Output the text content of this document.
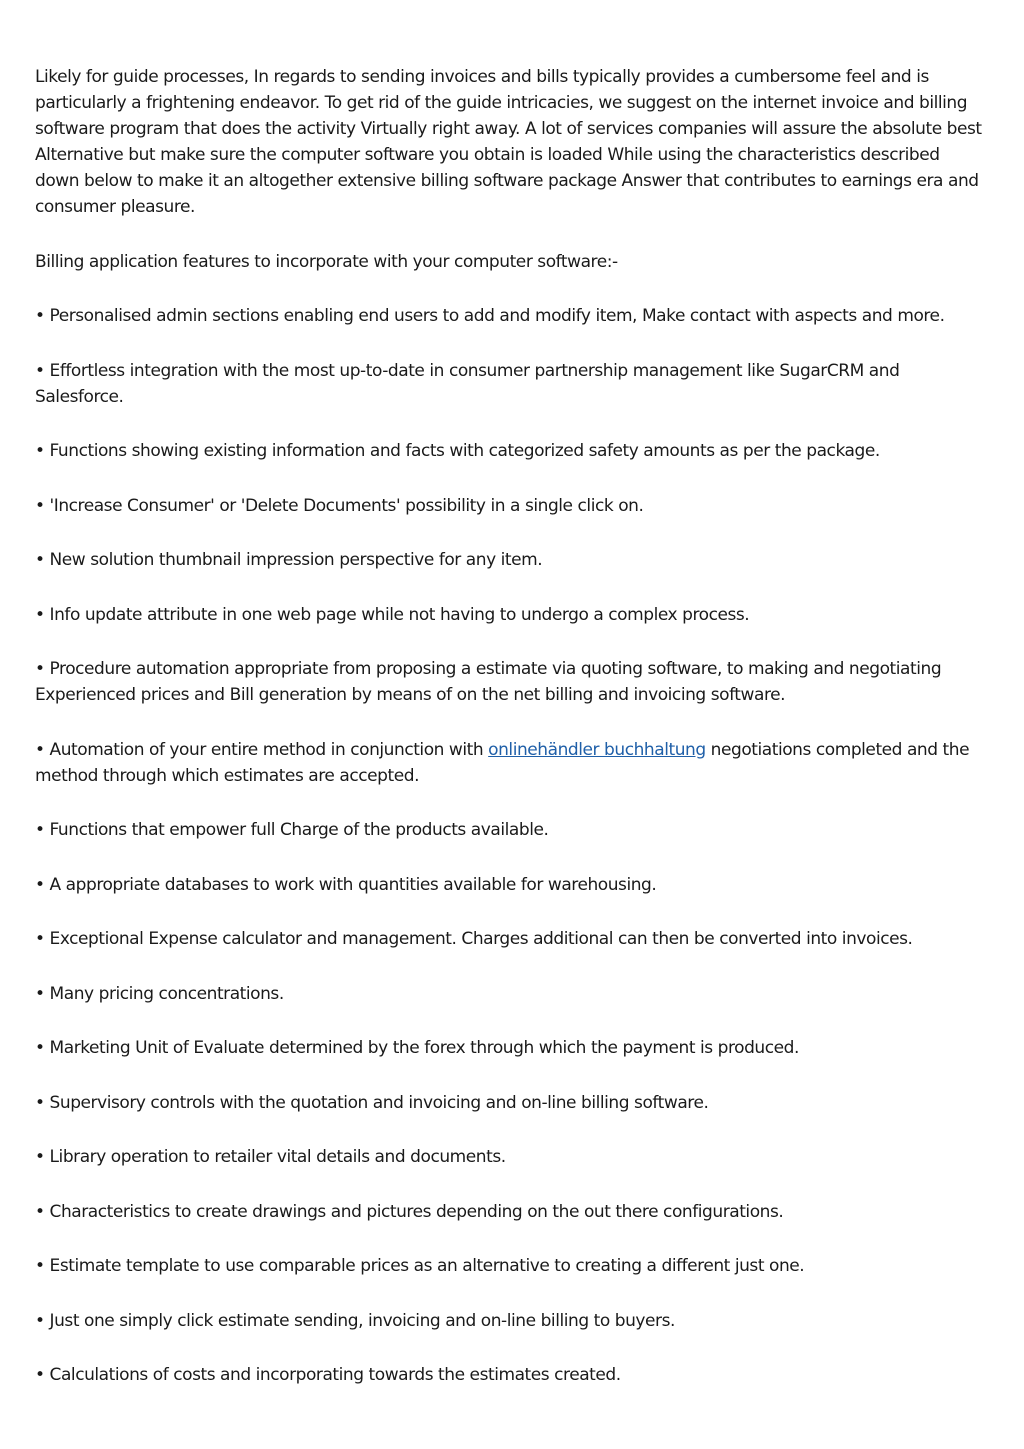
Likely for guide processes, In regards to sending invoices and bills typically provides a cumbersome feel and is particularly a frightening endeavor. To get rid of the guide intricacies, we suggest on the internet invoice and billing software program that does the activity Virtually right away. A lot of services companies will assure the absolute best Alternative but make sure the computer software you obtain is loaded While using the characteristics described down below to make it an altogether extensive billing software package Answer that contributes to earnings era and consumer pleasure.

Billing application features to incorporate with your computer software:-

• Personalised admin sections enabling end users to add and modify item, Make contact with aspects and more.

• Effortless integration with the most up-to-date in consumer partnership management like SugarCRM and Salesforce.

• Functions showing existing information and facts with categorized safety amounts as per the package.

• 'Increase Consumer' or 'Delete Documents' possibility in a single click on.

• New solution thumbnail impression perspective for any item.

• Info update attribute in one web page while not having to undergo a complex process.

• Procedure automation appropriate from proposing a estimate via quoting software, to making and negotiating Experienced prices and Bill generation by means of on the net billing and invoicing software.

• Automation of your entire method in conjunction with onlinehändler buchhaltung negotiations completed and the method through which estimates are accepted.

• Functions that empower full Charge of the products available.

• A appropriate databases to work with quantities available for warehousing.

• Exceptional Expense calculator and management. Charges additional can then be converted into invoices.

• Many pricing concentrations.

• Marketing Unit of Evaluate determined by the forex through which the payment is produced.

• Supervisory controls with the quotation and invoicing and on-line billing software.

• Library operation to retailer vital details and documents.

• Characteristics to create drawings and pictures depending on the out there configurations.

• Estimate template to use comparable prices as an alternative to creating a different just one.

• Just one simply click estimate sending, invoicing and on-line billing to buyers.

• Calculations of costs and incorporating towards the estimates created.
